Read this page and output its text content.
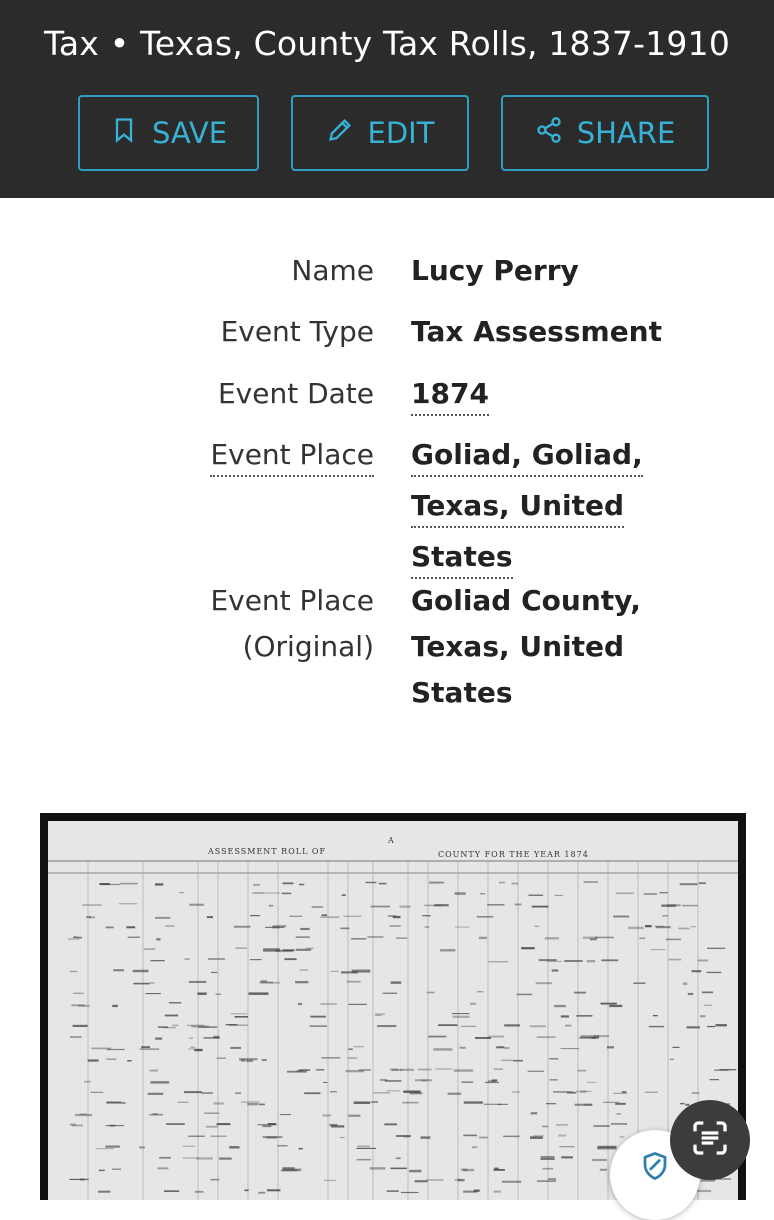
Tax • Texas, County Tax Rolls, 1837-1910
SAVE	EDIT	SHARE
Name Lucy Perry
Event Type Tax Assessment
Event Date 1874
Event Place Goliad, Goliad,
Texas, United
States
Event Place
(Original)
Goliad County,
Texas, United
States
ASSESSMENT ROLL OF
A
COUNTY FOR THE YEAR 1874
